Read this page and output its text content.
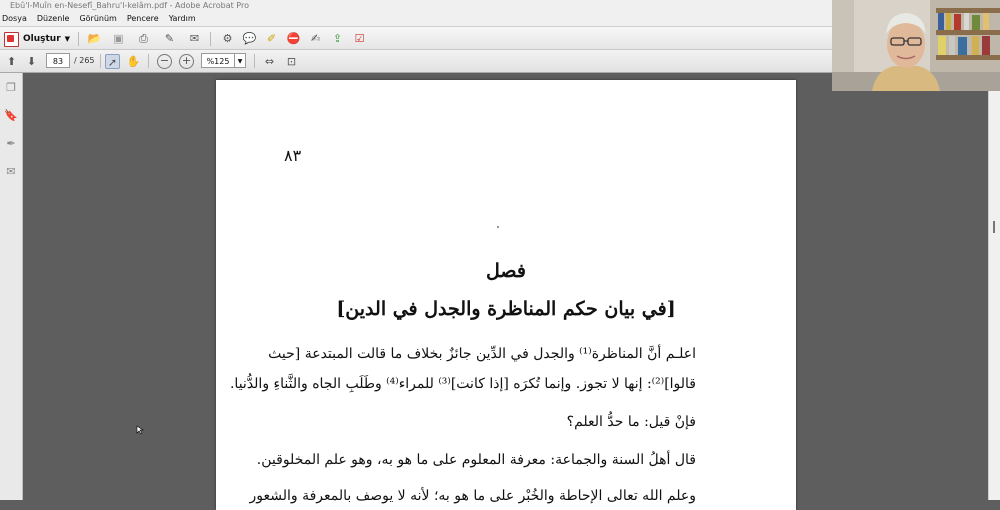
Ebû'l-Muîn en-Nesefî_Bahru'l-kelâm.pdf - Adobe Acrobat Pro
Dosya Düzenle Görünüm Pencere Yardım
Oluştur ▼ 📂 ▣ ⎙ ✎ ✉ ⚙ 💬 ✐ ⛔ ✍ ⇪ ☑
⬆ ⬇	83	/ 265 ➚ ✋ − +	%125	▼	⇔ ⊡
❐
🔖
✒
✉
٨٣
فصل
[في بيان حكم المناظرة والجدل في الدين]
اعلـم أنَّ المناظرة⁽¹⁾ والجدل في الدِّين جائزٌ بخلاف ما قالت المبتدعة [حيث
قالوا]⁽²⁾: إنها لا تجوز. وإنما تُكرَه [إذا كانت]⁽³⁾ للمراء⁽⁴⁾ وطَلَبِ الجاه والثَّناءِ والدُّنيا.
فإنْ قيل: ما حدُّ العلم؟
قال أهلُ السنة والجماعة: معرفة المعلوم على ما هو به، وهو علم المخلوقين.
وعلم الله تعالى الإحاطة والخُبْر على ما هو به؛ لأنه لا يوصف بالمعرفة والشعور
